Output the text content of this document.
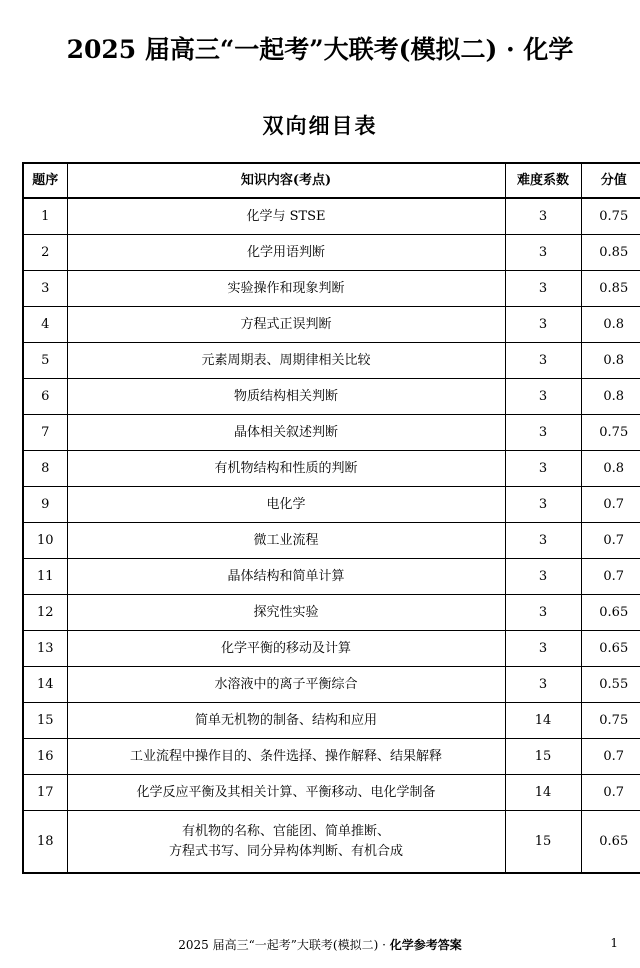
2025 届高三“一起考”大联考(模拟二) · 化学
双向细目表
题序	知识内容(考点)	难度系数	分值
1	化学与 STSE	3	0.75
2	化学用语判断	3	0.85
3	实验操作和现象判断	3	0.85
4	方程式正误判断	3	0.8
5	元素周期表、周期律相关比较	3	0.8
6	物质结构相关判断	3	0.8
7	晶体相关叙述判断	3	0.75
8	有机物结构和性质的判断	3	0.8
9	电化学	3	0.7
10	微工业流程	3	0.7
11	晶体结构和简单计算	3	0.7
12	探究性实验	3	0.65
13	化学平衡的移动及计算	3	0.65
14	水溶液中的离子平衡综合	3	0.55
15	简单无机物的制备、结构和应用	14	0.75
16	工业流程中操作目的、条件选择、操作解释、结果解释	15	0.7
17	化学反应平衡及其相关计算、平衡移动、电化学制备	14	0.7
18	有机物的名称、官能团、简单推断、
方程式书写、同分异构体判断、有机合成	15	0.65
2025 届高三“一起考”大联考(模拟二) · 化学参考答案	1
